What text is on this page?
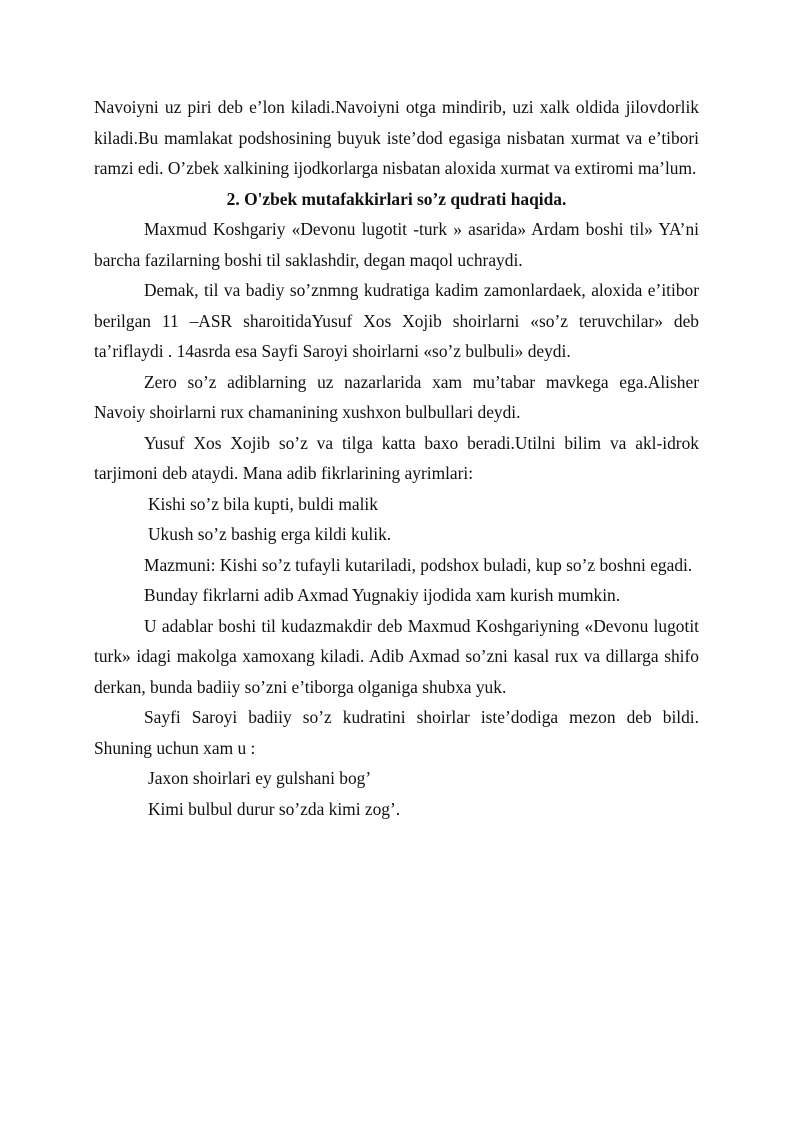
Navoiyni uz piri deb e’lon kiladi.Navoiyni otga mindirib, uzi xalk oldida jilovdorlik kiladi.Bu mamlakat podshosining buyuk iste’dod egasiga nisbatan xurmat va e’tibori ramzi edi. O’zbek xalkining ijodkorlarga nisbatan aloxida xurmat va extiromi ma’lum.

2. O'zbek mutafakkirlari so’z qudrati haqida.

Maxmud Koshgariy «Devonu lugotit -turk » asarida» Ardam boshi til» YA’ni barcha fazilarning boshi til saklashdir, degan maqol uchraydi.

Demak, til va badiy so’znmng kudratiga kadim zamonlardaek, aloxida e’itibor berilgan 11 –ASR sharoitidaYusuf Xos Xojib shoirlarni «so’z teruvchilar» deb ta’riflaydi . 14asrda esa Sayfi Saroyi shoirlarni «so’z bulbuli» deydi.

Zero so’z adiblarning uz nazarlarida xam mu’tabar mavkega ega.Alisher Navoiy shoirlarni rux chamanining xushxon bulbullari deydi.

Yusuf Xos Xojib so’z va tilga katta baxo beradi.Utilni bilim va akl-idrok tarjimoni deb ataydi. Mana adib fikrlarining ayrimlari:

Kishi so’z bila kupti, buldi malik

Ukush so’z bashig erga kildi kulik.

Mazmuni: Kishi so’z tufayli kutariladi, podshox buladi, kup so’z boshni egadi.

Bunday fikrlarni adib Axmad Yugnakiy ijodida xam kurish mumkin.

U adablar boshi til kudazmakdir deb Maxmud Koshgariyning «Devonu lugotit turk» idagi makolga xamoxang kiladi. Adib Axmad so’zni kasal rux va dillarga shifo derkan, bunda badiiy so’zni e’tiborga olganiga shubxa yuk.

Sayfi Saroyi badiiy so’z kudratini shoirlar iste’dodiga mezon deb bildi. Shuning uchun xam u :

Jaxon shoirlari ey gulshani bog’

Kimi bulbul durur so’zda kimi zog’.
